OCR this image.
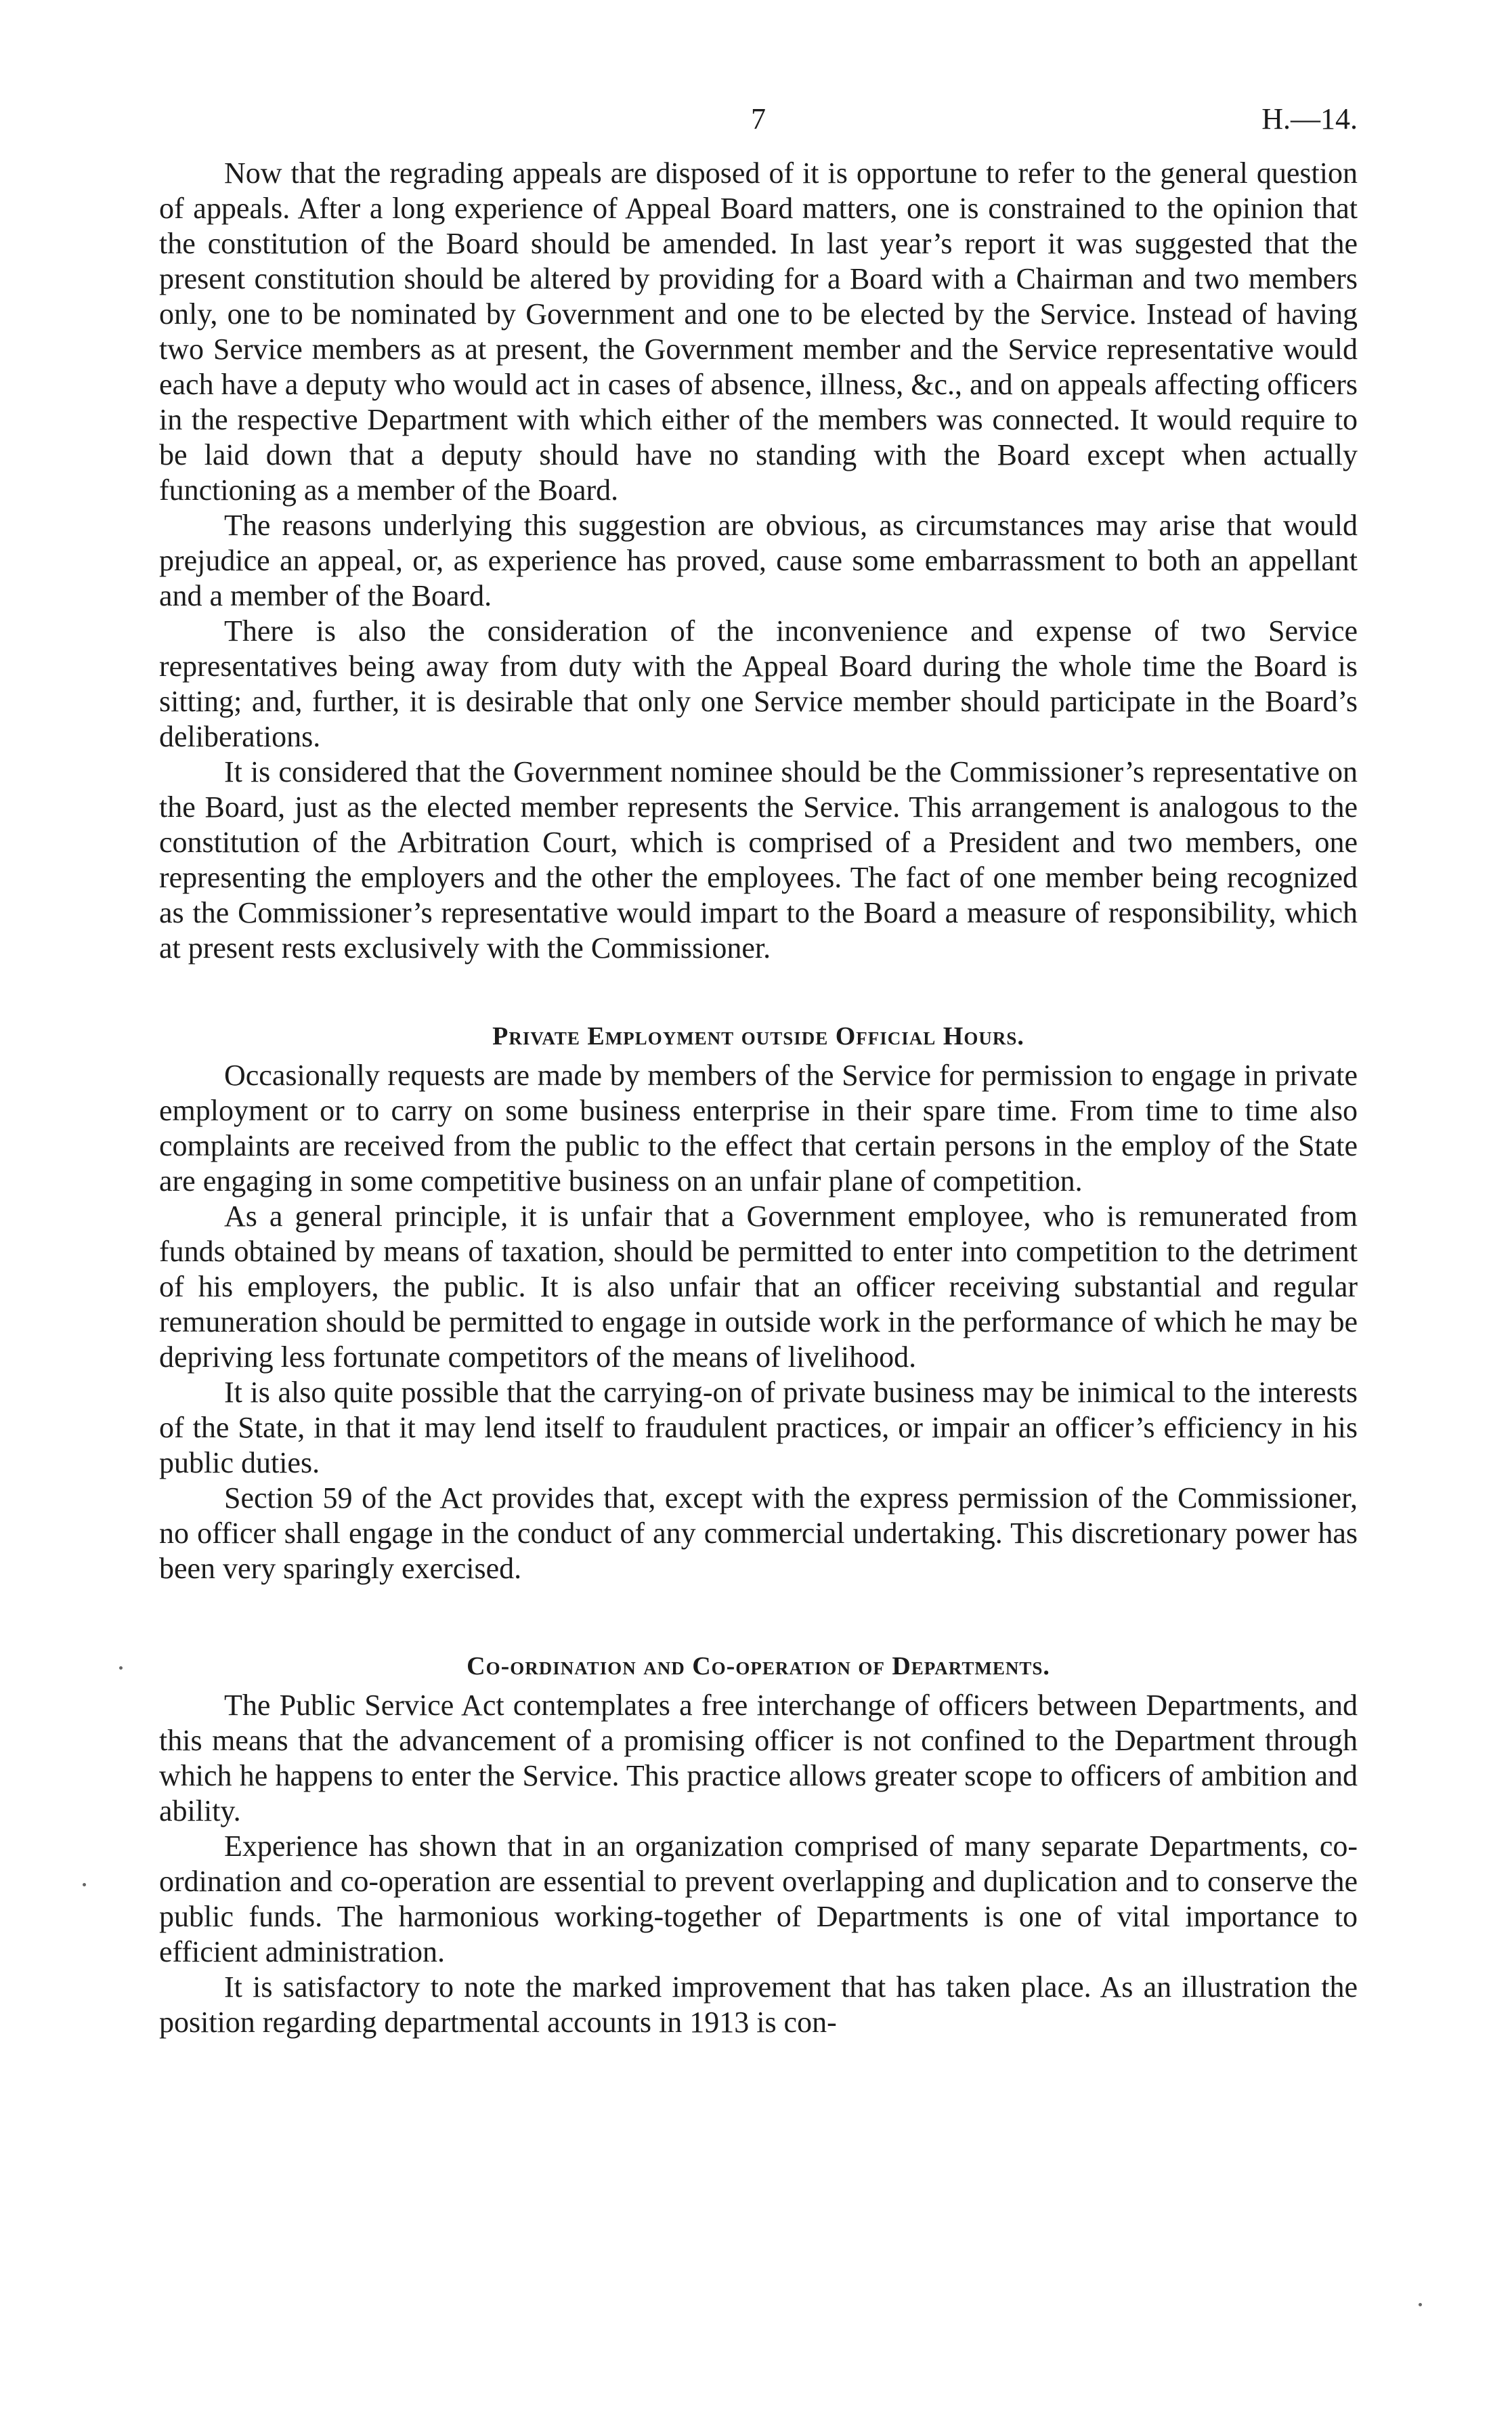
7	H.—14.

Now that the regrading appeals are disposed of it is opportune to refer to the general question of appeals. After a long experience of Appeal Board matters, one is constrained to the opinion that the constitution of the Board should be amended. In last year’s report it was suggested that the present constitution should be altered by providing for a Board with a Chairman and two members only, one to be nominated by Government and one to be elected by the Service. Instead of having two Service members as at present, the Government member and the Service representative would each have a deputy who would act in cases of absence, illness, &c., and on appeals affecting officers in the respective Department with which either of the members was connected. It would require to be laid down that a deputy should have no standing with the Board except when actually functioning as a member of the Board.

The reasons underlying this suggestion are obvious, as circumstances may arise that would prejudice an appeal, or, as experience has proved, cause some embarrassment to both an appellant and a member of the Board.

There is also the consideration of the inconvenience and expense of two Service representatives being away from duty with the Appeal Board during the whole time the Board is sitting; and, further, it is desirable that only one Service member should participate in the Board’s deliberations.

It is considered that the Government nominee should be the Commissioner’s representative on the Board, just as the elected member represents the Service. This arrangement is analogous to the constitution of the Arbitration Court, which is comprised of a President and two members, one representing the employers and the other the employees. The fact of one member being recognized as the Commissioner’s representative would impart to the Board a measure of responsibility, which at present rests exclusively with the Commissioner.

Private Employment outside Official Hours.

Occasionally requests are made by members of the Service for permission to engage in private employment or to carry on some business enterprise in their spare time. From time to time also complaints are received from the public to the effect that certain persons in the employ of the State are engaging in some competitive business on an unfair plane of competition.

As a general principle, it is unfair that a Government employee, who is remunerated from funds obtained by means of taxation, should be permitted to enter into competition to the detriment of his employers, the public. It is also unfair that an officer receiving substantial and regular remuneration should be permitted to engage in outside work in the performance of which he may be depriving less fortunate competitors of the means of livelihood.

It is also quite possible that the carrying-on of private business may be inimical to the interests of the State, in that it may lend itself to fraudulent practices, or impair an officer’s efficiency in his public duties.

Section 59 of the Act provides that, except with the express permission of the Commissioner, no officer shall engage in the conduct of any commercial undertaking. This discretionary power has been very sparingly exercised.

Co-ordination and Co-operation of Departments.

The Public Service Act contemplates a free interchange of officers between Departments, and this means that the advancement of a promising officer is not confined to the Department through which he happens to enter the Service. This practice allows greater scope to officers of ambition and ability.

Experience has shown that in an organization comprised of many separate Departments, co-ordination and co-operation are essential to prevent overlapping and duplication and to conserve the public funds. The harmonious working-together of Departments is one of vital importance to efficient administration.

It is satisfactory to note the marked improvement that has taken place. As an illustration the position regarding departmental accounts in 1913 is con-
